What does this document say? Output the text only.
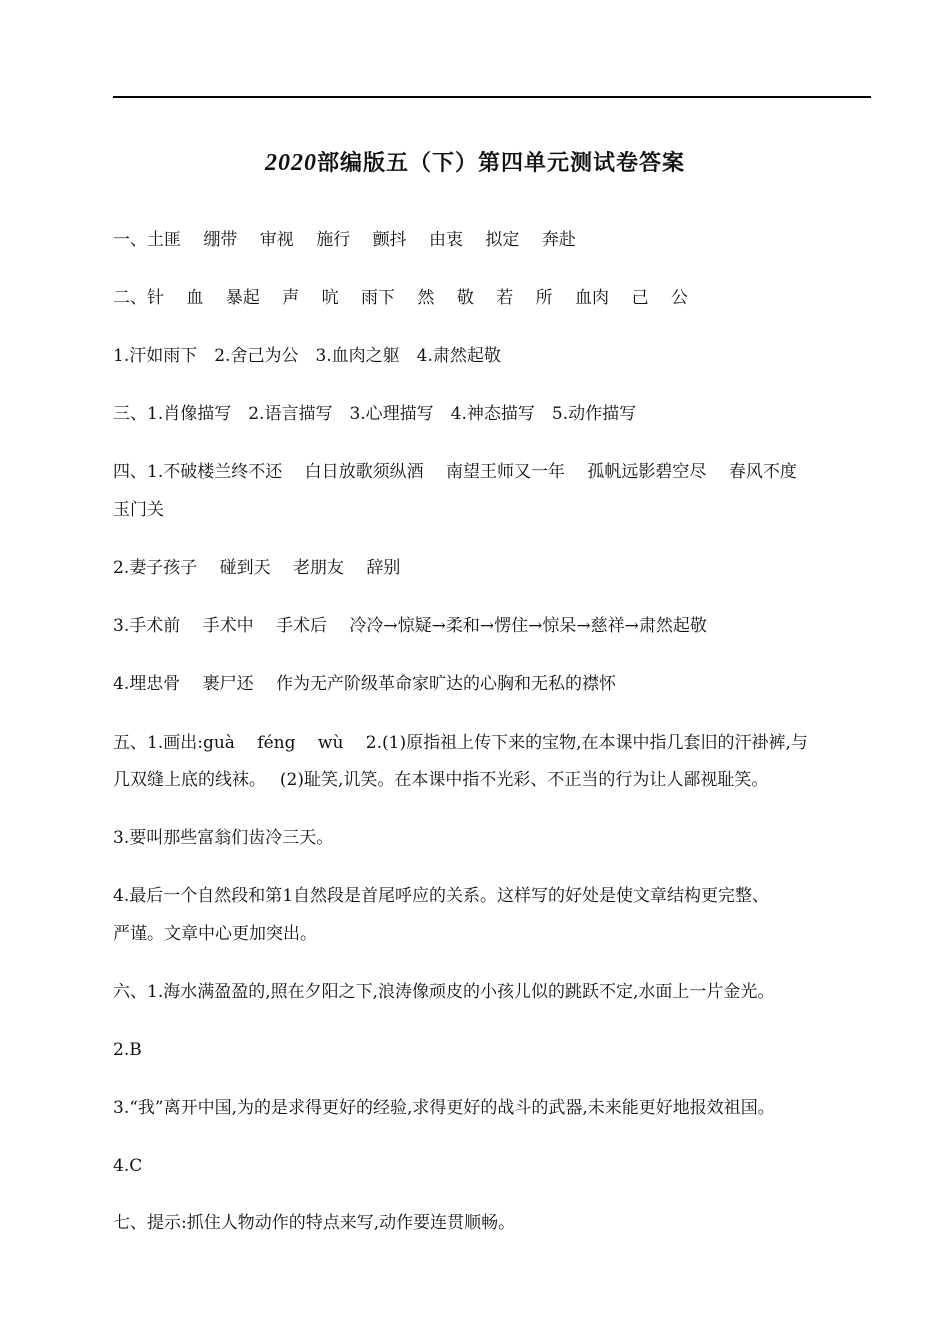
2020部编版五（下）第四单元测试卷答案
一、土匪　 绷带　 审视　 施行　 颤抖　 由衷　 拟定　 奔赴
二、针　 血　 暴起　 声　 吭　 雨下　 然　 敬　 若　 所　 血肉　 己　 公
1.汗如雨下　2.舍己为公　3.血肉之躯　4.肃然起敬
三、1.肖像描写　2.语言描写　3.心理描写　4.神态描写　5.动作描写
四、1.不破楼兰终不还　 白日放歌须纵酒　 南望王师又一年　 孤帆远影碧空尽　 春风不度
玉门关
2.妻子孩子　 碰到天　 老朋友　 辞别
3.手术前　 手术中　 手术后　 冷冷→惊疑→柔和→愣住→惊呆→慈祥→肃然起敬
4.埋忠骨　 裹尸还　 作为无产阶级革命家旷达的心胸和无私的襟怀
五、1.画出:guà　 féng　 wù　 2.(1)原指祖上传下来的宝物,在本课中指几套旧的汗褂裤,与
几双缝上底的线袜。　 (2)耻笑,讥笑。在本课中指不光彩、不正当的行为让人鄙视耻笑。
3.要叫那些富翁们齿冷三天。
4.最后一个自然段和第1自然段是首尾呼应的关系。这样写的好处是使文章结构更完整、
严谨。文章中心更加突出。
六、1.海水满盈盈的,照在夕阳之下,浪涛像顽皮的小孩儿似的跳跃不定,水面上一片金光。
2.B
3.“我”离开中国,为的是求得更好的经验,求得更好的战斗的武器,未来能更好地报效祖国。
4.C
七、提示:抓住人物动作的特点来写,动作要连贯顺畅。
